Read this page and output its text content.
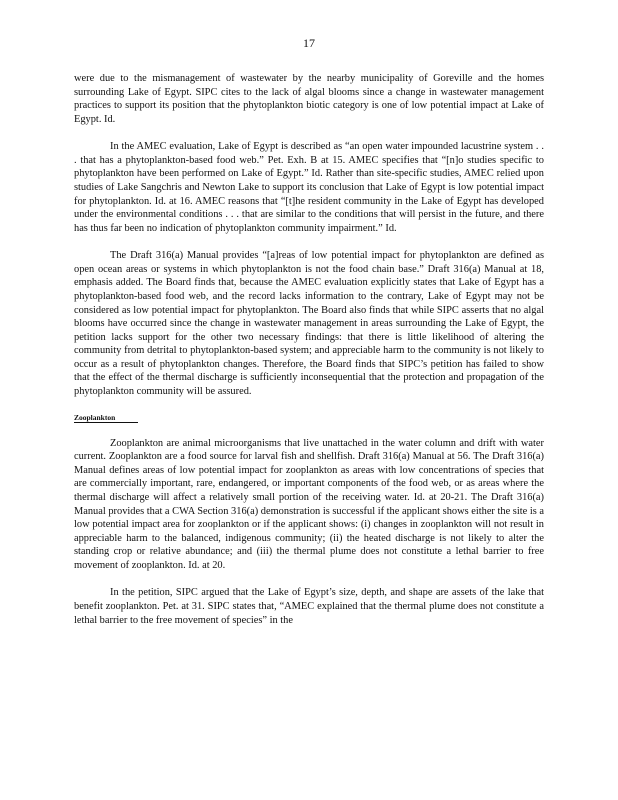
17

were due to the mismanagement of wastewater by the nearby municipality of Goreville and the homes surrounding Lake of Egypt. SIPC cites to the lack of algal blooms since a change in wastewater management practices to support its position that the phytoplankton biotic category is one of low potential impact at Lake of Egypt. Id.

In the AMEC evaluation, Lake of Egypt is described as “an open water impounded lacustrine system . . . that has a phytoplankton-based food web.” Pet. Exh. B at 15. AMEC specifies that “[n]o studies specific to phytoplankton have been performed on Lake of Egypt.” Id. Rather than site-specific studies, AMEC relied upon studies of Lake Sangchris and Newton Lake to support its conclusion that Lake of Egypt is low potential impact for phytoplankton. Id. at 16. AMEC reasons that “[t]he resident community in the Lake of Egypt has developed under the environmental conditions . . . that are similar to the conditions that will persist in the future, and there has thus far been no indication of phytoplankton community impairment.” Id.

The Draft 316(a) Manual provides “[a]reas of low potential impact for phytoplankton are defined as open ocean areas or systems in which phytoplankton is not the food chain base.” Draft 316(a) Manual at 18, emphasis added. The Board finds that, because the AMEC evaluation explicitly states that Lake of Egypt has a phytoplankton-based food web, and the record lacks information to the contrary, Lake of Egypt may not be considered as low potential impact for phytoplankton. The Board also finds that while SIPC asserts that no algal blooms have occurred since the change in wastewater management in areas surrounding the Lake of Egypt, the petition lacks support for the other two necessary findings: that there is little likelihood of altering the community from detrital to phytoplankton-based system; and appreciable harm to the community is not likely to occur as a result of phytoplankton changes. Therefore, the Board finds that SIPC’s petition has failed to show that the effect of the thermal discharge is sufficiently inconsequential that the protection and propagation of the phytoplankton community will be assured.

Zooplankton

Zooplankton are animal microorganisms that live unattached in the water column and drift with water current. Zooplankton are a food source for larval fish and shellfish. Draft 316(a) Manual at 56. The Draft 316(a) Manual defines areas of low potential impact for zooplankton as areas with low concentrations of species that are commercially important, rare, endangered, or important components of the food web, or as areas where the thermal discharge will affect a relatively small portion of the receiving water. Id. at 20-21. The Draft 316(a) Manual provides that a CWA Section 316(a) demonstration is successful if the applicant shows either the site is a low potential impact area for zooplankton or if the applicant shows: (i) changes in zooplankton will not result in appreciable harm to the balanced, indigenous community; (ii) the heated discharge is not likely to alter the standing crop or relative abundance; and (iii) the thermal plume does not constitute a lethal barrier to free movement of zooplankton. Id. at 20.

In the petition, SIPC argued that the Lake of Egypt’s size, depth, and shape are assets of the lake that benefit zooplankton. Pet. at 31. SIPC states that, “AMEC explained that the thermal plume does not constitute a lethal barrier to the free movement of species” in the
